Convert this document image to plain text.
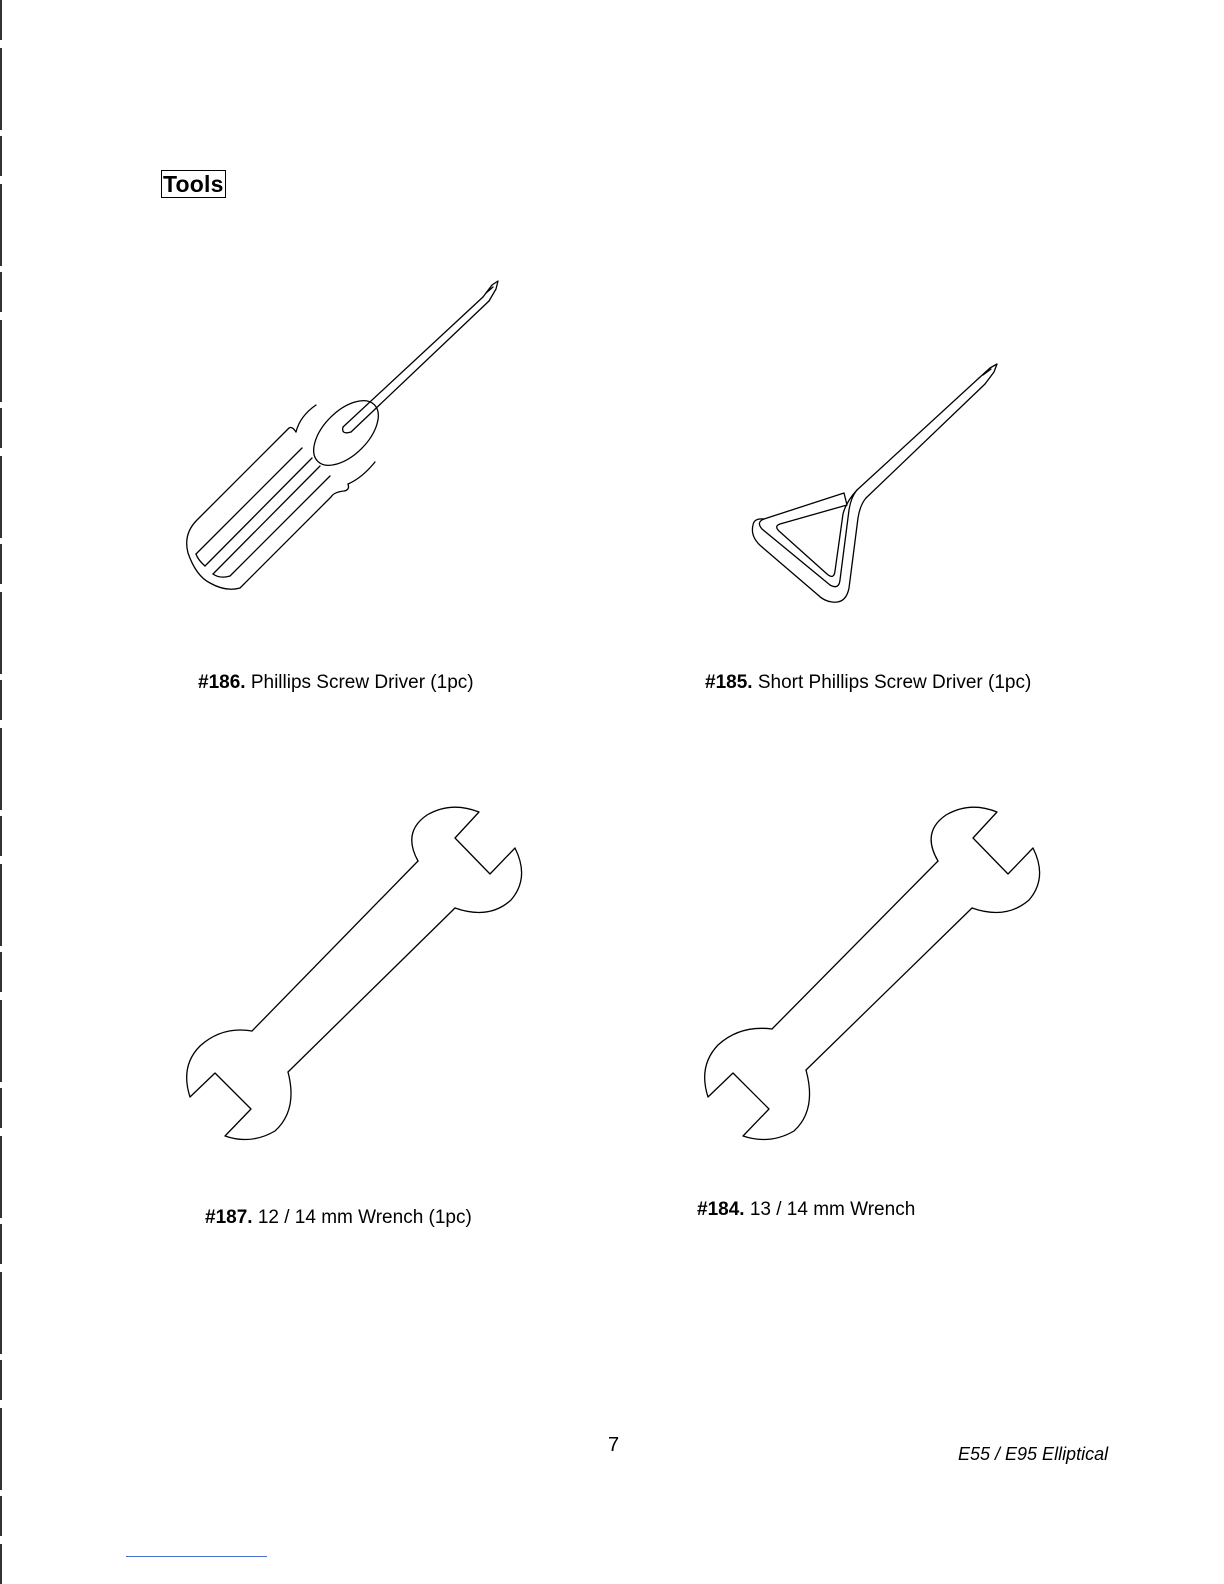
Tools
#186. Phillips Screw Driver (1pc)	#185. Short Phillips Screw Driver (1pc)
#187. 12 / 14 mm Wrench (1pc)	#184. 13 / 14 mm Wrench
7	E55 / E95 Elliptical
